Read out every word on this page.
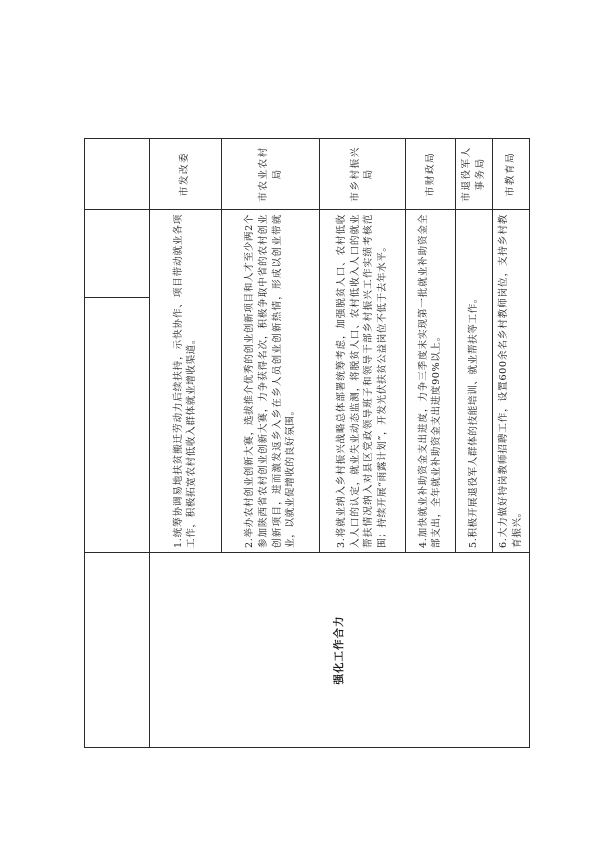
强化工作合力	1.统筹协调易地扶贫搬迁劳动力后续扶持，示快协作、项目带动就业各项工作，积极拓宽农村低收入群体就业增收渠道。		市发改委
	2.举办农村创业创新大赛，选拔推介优秀的创业创新项目和人才至少两2个参加陕西省农村创业创新大赛，力争获得名次，积极争取中省的农村创业创新项目，进而激发返乡入乡在乡人员创业创新热情，形成以创业带就业，以就业促增收的良好氛围。		市农业农村局
	3.将就业纳入乡村振兴战略总体部署统筹考虑，加强脱贫人口、农村低收入人口的认定，就业失业动态监测，将脱贫人口、农村低收入人口的就业帮扶情况纳入对县区党政领导班子和领导干部乡村振兴工作实绩考核范围；持续开展“雨露计划”，开发光伏扶贫公益岗位不低于去年水平。		市乡村振兴局
	4.加快就业补助资金支出进度，力争三季度末实现第一批就业补助资金全部支出，全年就业补助资金支出进度90%以上。		市财政局
	5.积极开展退役军人群体的技能培训、就业帮扶等工作。		市退役军人事务局
	6.大力做好特岗教师招聘工作，设置600余名乡村教师岗位，支持乡村教育振兴。		市教育局
